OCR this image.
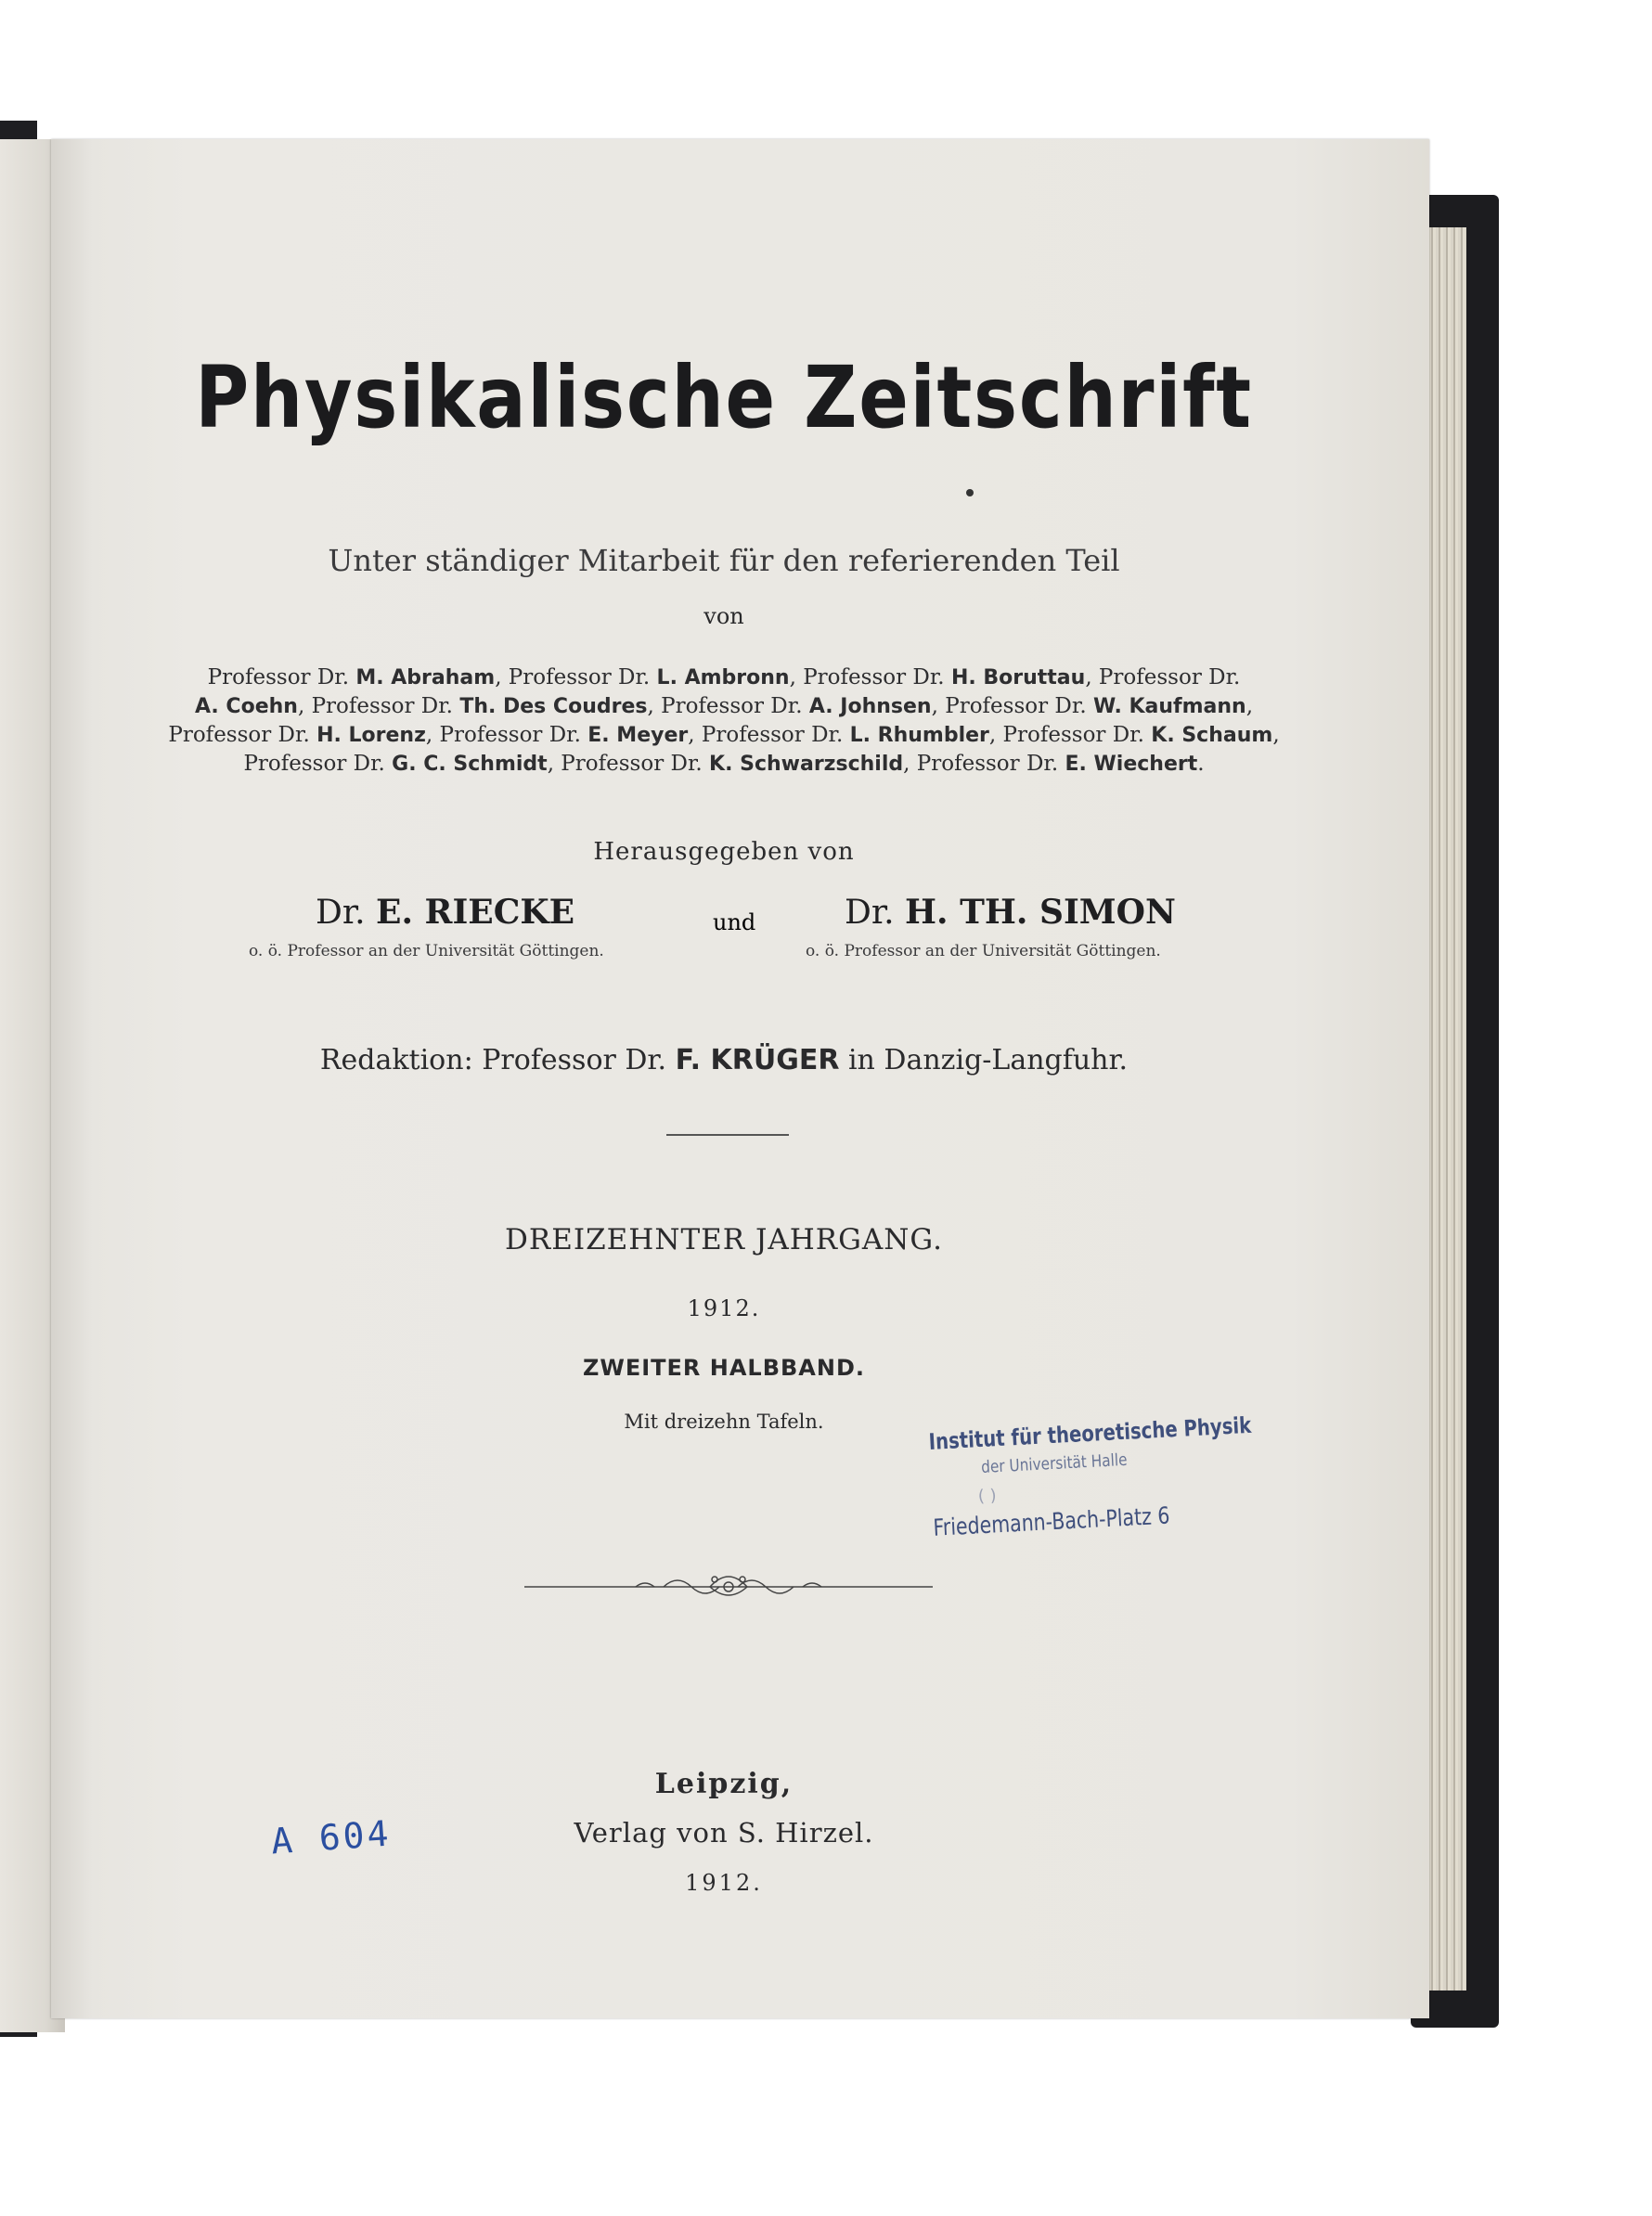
Physikalische Zeitschrift
Unter ständiger Mitarbeit für den referierenden Teil
von
Professor Dr. M. Abraham, Professor Dr. L. Ambronn, Professor Dr. H. Boruttau, Professor Dr.
A. Coehn, Professor Dr. Th. Des Coudres, Professor Dr. A. Johnsen, Professor Dr. W. Kaufmann,
Professor Dr. H. Lorenz, Professor Dr. E. Meyer, Professor Dr. L. Rhumbler, Professor Dr. K. Schaum,
Professor Dr. G. C. Schmidt, Professor Dr. K. Schwarzschild, Professor Dr. E. Wiechert.
Herausgegeben von
Dr. E. RIECKE
o. ö. Professor an der Universität Göttingen.
und	Dr. H. TH. SIMON
o. ö. Professor an der Universität Göttingen.
Redaktion: Professor Dr. F. KRÜGER in Danzig-Langfuhr.
DREIZEHNTER JAHRGANG.
1912.
ZWEITER HALBBAND.
Mit dreizehn Tafeln.	Institut für theoretische Physik
der Universität Halle
( )
Friedemann-Bach-Platz 6
A 604
Leipzig,
Verlag von S. Hirzel.
1912.
